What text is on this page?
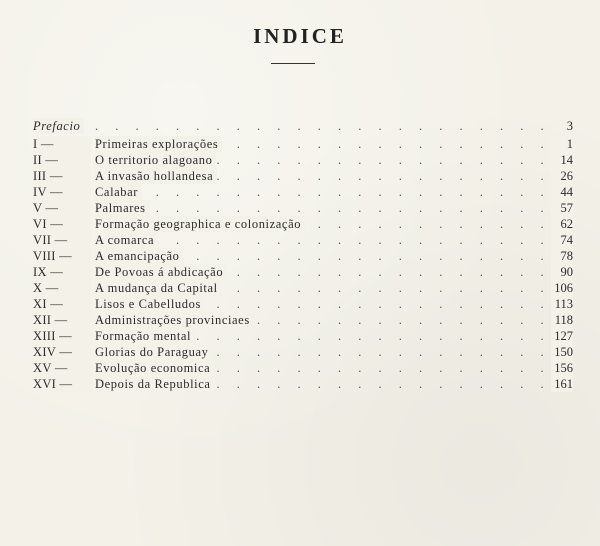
INDICE
. . .
Prefacio	3
I — . . .	Primeiras explorações	1
II — . . .	O territorio alagoano	14
III — . . .	A invasão hollandesa	26
IV — . . .	Calabar	44
V — . . .	Palmares	57
VI — . . .	Formação geographica e colonização	62
VII — . . .	A comarca	74
VIII — . . .	A emancipação	78
IX — . . .	De Povoas á abdicação	90
X — . . .	A mudança da Capital	106
XI — . . .	Lisos e Cabelludos	113
XII — . . .	Administrações provinciaes	118
XIII — . . .	Formação mental	127
XIV — . . .	Glorias do Paraguay	150
XV — . . .	Evolução economica	156
XVI — . . .	Depois da Republica	161
